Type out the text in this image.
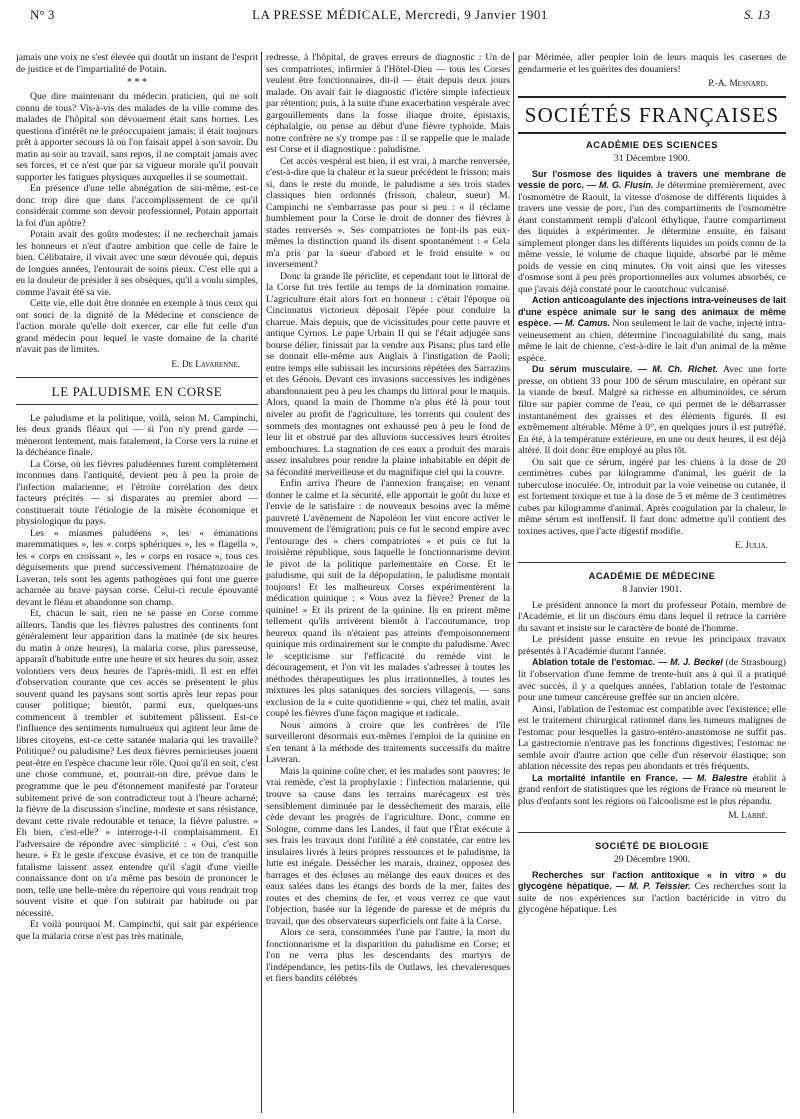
N° 3	LA PRESSE MÉDICALE, Mercredi, 9 Janvier 1901	S. 13

jamais une voix ne s'est élevée qui doutât un instant de l'esprit de justice et de l'impartialité de Potain.

* * *

Que dire maintenant du médecin praticien, qui ne soit connu de tous? Vis-à-vis des malades de la ville comme des malades de l'hôpital son dévouement était sans bornes. Les questions d'intérêt ne le préoccupaient jamais; il était toujours prêt à apporter secours là où l'on faisait appel à son savoir. Du matin au soir au travail, sans repos, il ne comptait jamais avec ses forces, et ce n'est que par sa vigueur morale qu'il pouvait supporter les fatigues physiques auxquelles il se soumettait.

En présence d'une telle abnégation de soi-même, est-ce donc trop dire que dans l'accomplissement de ce qu'il considérait comme son devoir professionnel, Potain apportait la foi d'un apôtre?

Potain avait des goûts modestes; il ne recherchait jamais les honneurs et n'eut d'autre ambition que celle de faire le bien. Célibataire, il vivait avec une sœur dévouée qui, depuis de longues années, l'entourait de soins pieux. C'est elle qui a eu la douleur de présider à ses obsèques, qu'il a voulu simples, comme l'avait été sa vie.

Cette vie, elle doit être donnée en exemple à tous ceux qui ont souci de la dignité de la Médecine et conscience de l'action morale qu'elle doit exercer, car elle fut celle d'un grand médecin pour lequel le vaste domaine de la charité n'avait pas de limites.

E. De Lavarenne.
LE PALUDISME EN CORSE

Le paludisme et la politique, voilà, selon M. Campinchi, les deux grands fléaux qui — si l'on n'y prend garde — mèneront lentement, mais fatalement, la Corse vers la ruine et la déchéance finale.

La Corse, où les fièvres paludéennes furent complètement inconnues dans l'antiquité, devient peu à peu la proie de l'infection malarienne; et l'étroite corrélation des deux facteurs précités — si disparates au premier abord — constituerait toute l'étiologie de la misère économique et physiologique du pays.

Les « miasmes paludéens », les « émanations maremmatiques », les « corps sphériques », les « flagella », les « corps en croissant », les « corps en rosace », tous ces déguisements que prend successivement l'hématozoaire de Laveran, tels sont les agents pathogènes qui font une guerre acharnée au brave paysan corse. Celui-ci recule épouvanté devant le fléau et abandonne son champ.

Et, chacun le sait, rien ne se passe en Corse comme ailleurs. Tandis que les fièvres palustres des continents font généralement leur apparition dans la matinée (de six heures du matin à onze heures), la malaria corse, plus paresseuse, apparaît d'habitude entre une heure et six heures du soir, assez volontiers vers deux heures de l'après-midi. Il est en effet d'observation courante que ces accès se présentent le plus souvent quand les paysans sont sortis après leur repas pour causer politique; bientôt, parmi eux, quelques-uns commencent à trembler et subitement pâlissent. Est-ce l'influence des sentiments tumultueux qui agitent leur âme de libres citoyens, est-ce cette satanée malaria qui les travaille? Politique? ou paludisme? Les deux fièvres pernicieuses jouent peut-être en l'espèce chacune leur rôle. Quoi qu'il en soit, c'est une chose commune, et, pourrait-on dire, prévue dans le programme que le peu d'étonnement manifesté par l'orateur subitement privé de son contradicteur tout à l'heure acharné; la fièvre de la discussion s'incline, modeste et sans résistance, devant cette rivale redoutable et tenace, la fièvre palustre. « Eh bien, c'est-elle? » interroge-t-il complaisamment. Et l'adversaire de répondre avec simplicité : « Oui, c'est son heure. » Et le geste d'excuse évasive, et ce ton de tranquille fatalisme laissent assez entendre qu'il s'agit d'une vieille connaissance dont on n'a même pas besoin de prononcer le nom, telle une belle-mère du répertoire qui vous rendrait trop souvent visite et que l'on subirait par habitude ou par nécessité.

Et voilà pourquoi M. Campinchi, qui sait par expérience que la malaria corse n'est pas très matinale,

redresse, à l'hôpital, de graves erreurs de diagnostic : Un de ses compatriotes, infirmier à l'Hôtel-Dieu — tous les Corses veulent être fonctionnaires, dit-il — était depuis deux jours malade. On avait fait le diagnostic d'ictère simple infectieux par rétention; puis, à la suite d'une exacerbation vespérale avec gargouillements dans la fosse iliaque droite, épistaxis, céphalalgie, on pense au début d'une fièvre typhoïde. Mais notre confrère ne s'y trompe pas : il se rappelle que le malade est Corse et il diagnostique : paludisme.

Cet accès vespéral est bien, il est vrai, à marche renversée, c'est-à-dire que la chaleur et la sueur précèdent le frisson; mais si, dans le reste du monde, le paludisme a ses trois stades classiques bien ordonnés (frisson, chaleur, sueur) M. Campinchi ne s'embarrasse pas pour si peu : « il réclame humblement pour la Corse le droit de donner des fièvres à stades renversés ». Ses compatriotes ne font-ils pas eux-mêmes la distinction quand ils disent spontanément : « Cela m'a pris par la sueur d'abord et le froid ensuite » ou inversement?

Donc la grande île périclite, et cependant tout le littoral de la Corse fut très fertile au temps de la domination romaine. L'agriculture était alors fort en honneur : c'était l'époque où Cincinnatus victorieux déposait l'épée pour conduire la charrue. Mais depuis, que de vicissitudes pour cette pauvre et antique Cyrnos. Le pape Urbain II qui se l'était adjugée sans bourse délier, finissait par la vendre aux Pisans; plus tard elle se donnait elle-même aux Anglais à l'instigation de Paoli; entre temps elle subissait les incursions répétées des Sarrazins et des Génois. Devant ces invasions successives les indigènes abandonnaient peu à peu les champs du littoral pour le maquis. Alors, quand la main de l'homme n'a plus été là pour tout niveler au profit de l'agriculture, les torrents qui coulent des sommets des montagnes ont exhaussé peu à peu le fond de leur lit et obstrué par des alluvions successives leurs étroites embouchures. La stagnation de ces eaux a produit des marais assez insalubres pour rendre la plaine inhabitable en dépit de sa fécondité merveilleuse et du magnifique ciel qui la couvre.

Enfin arriva l'heure de l'annexion française; en venant donner le calme et la sécurité, elle apportait le goût du luxe et l'envie de le satisfaire : de nouveaux besoins avec la même pauvreté L'avènement de Napoléon Ier vint encore activer le mouvement de l'émigration; puis ce fut le second empire avec l'entourage des « chers compatriotes » et puis ce fut la troisième république, sous laquelle le fonctionnarisme devint le pivot de la politique parlementaire en Corse. Et le paludisme, qui suit de la dépopulation, le paludisme montait toujours! Et les malheureux Corses expérimentèrent la médication quinique : « Vous avez la fièvre? Prenez de la quinine! » Et ils prirent de la quinine. Ils en prirent même tellement qu'ils arrivèrent bientôt à l'accoutumance, trop heureux quand ils n'étaient pas atteints d'empoisonnement quinique mis ordinairement sur le compte du paludisme. Avec le scepticisme sur l'efficacité du remède vint le découragement, et l'on vit les malades s'adresser à toutes les méthodes thérapeutiques les plus irrationnelles, à toutes les mixtures les plus sataniques des sorciers villageois, — sans exclusion de la « cuite quotidienne » qui, chez tel malin, avait coupé les fièvres d'une façon magique et radicale.

Nous aimons à croire que les confrères de l'île surveilleront désormais eux-mêmes l'emploi de la quinine en s'en tenant à la méthode des traitements successifs du maître Laveran.

Mais la quinine coûte cher, et les malades sont pauvres; le vrai remède, c'est la prophylaxie : l'infection malarienne, qui trouve sa cause dans les terrains marécageux est très sensiblement diminuée par le dessèchement des marais, elle cède devant les progrès de l'agriculture. Donc, comme en Sologne, comme dans les Landes, il faut que l'État exécute à ses frais les travaux dont l'utilité a été constatée, car entre les insulaires livrés à leurs propres ressources et le paludisme, la lutte est inégale. Dessécher les marais, drainez, opposez des barrages et des écluses au mélange des eaux douces et des eaux salées dans les étangs des bords de la mer, faites des routes et des chemins de fer, et vous verrez ce que vaut l'objection, basée sur la légende de paresse et de mépris du travail, que des observateurs superficiels ont faite à la Corse.

Alors ce sera, consommées l'une par l'autre, la mort du fonctionnarisme et la disparition du paludisme en Corse; et l'on ne verra plus les descendants des martyrs de l'indépendance, les petits-fils de Outlaws, les chevaleresques et fiers bandits célébrés

par Mérimée, aller peupler loin de leurs maquis les casernes de gendarmerie et les guérites des douaniers!

P.-A. Mesnard.
SOCIÉTÉS FRANÇAISES
ACADÉMIE DES SCIENCES
31 Décembre 1900.

Sur l'osmose des liquides à travers une membrane de vessie de porc. — M. G. Flusin. Je détermine premièrement, avec l'osmomètre de Raoult, la vitesse d'osmose de différents liquides à travers une vessie de porc, l'un des compartiments de l'osmomètre étant constamment rempli d'alcool éthylique, l'autre compartiment des liquides à expérimenter. Je détermine ensuite, en faisant simplement plonger dans les différents liquides un poids connu de la même vessie, le volume de chaque liquide, absorbé par le même poids de vessie en cinq minutes. On voit ainsi que les vitesses d'osmose sont à peu près proportionnelles aux volumes absorbés, ce que j'avais déjà constaté pour le caoutchouc vulcanisé.

Action anticoagulante des injections intra-veineuses de lait d'une espèce animale sur le sang des animaux de même espèce. — M. Camus. Non seulement le lait de vache, injecté intra-veineusement au chien, détermine l'incoagulabilité du sang, mais même le lait de chienne, c'est-à-dire le lait d'un animal de la même espèce.

Du sérum musculaire. — M. Ch. Richet. Avec une forte presse, on obtient 33 pour 100 de sérum musculaire, en opérant sur la viande de bœuf. Malgré sa richesse en albuminoïdes, ce sérum filtre sur papier comme de l'eau, ce qui permet de le débarrasser instantanément des graisses et des éléments figurés. Il est extrêmement altérable. Même à 0°, en quelques jours il est putréfié. En été, à la température extérieure, en une ou deux heures, il est déjà altéré. Il doit donc être employé au plus tôt.

On sait que ce sérum, ingéré par les chiens à la dose de 20 centimètres cubes par kilogramme d'animal, les guérit de la tuberculose inoculée. Or, introduit par la voie veineuse ou cutanée, il est fortement toxique et tue à la dose de 5 et même de 3 centimètres cubes par kilogramme d'animal. Après coagulation par la chaleur, le même sérum est inoffensif. Il faut donc admettre qu'il contient des toxines actives, que l'acte digestif modifie.

E. Julia.
ACADÉMIE DE MÉDECINE
8 Janvier 1901.

Le président annonce la mort du professeur Potain, membre de l'Académie, et lit un discours ému dans lequel il retrace la carrière du savant et insiste sur le caractère de bonté de l'homme.

Le président passe ensuite en revue les principaux travaux présentés à l'Académie durant l'année.

Ablation totale de l'estomac. — M. J. Beckel (de Strasbourg) lit l'observation d'une femme de trente-huit ans à qui il a pratiqué avec succès, il y a quelques années, l'ablation totale de l'estomac pour une tumeur cancéreuse greffée sur un ancien ulcère.

Ainsi, l'ablation de l'estomac est compatible avec l'existence; elle est le traitement chirurgical rationnel dans les tumeurs malignes de l'estomac pour lesquelles la gastro-entéro-anastomose ne suffit pas. La gastrectomie n'entrave pas les fonctions digestives; l'estomac ne semble avoir d'autre action que celle d'un réservoir élastique; son ablation nécessite des repas peu abondants et très fréquents.

La mortalité infantile en France. — M. Balestre établit à grand renfort de statistiques que les régions de France où meurent le plus d'enfants sont les régions où l'alcoolisme est le plus répandu.

M. Labbé.
SOCIÉTÉ DE BIOLOGIE
29 Décembre 1900.

Recherches sur l'action antitoxique « in vitro » du glycogène hépatique. — M. P. Teissier. Ces recherches sont la suite de nos expériences sur l'action bactéricide in vitro du glycogène hépatique. Les
